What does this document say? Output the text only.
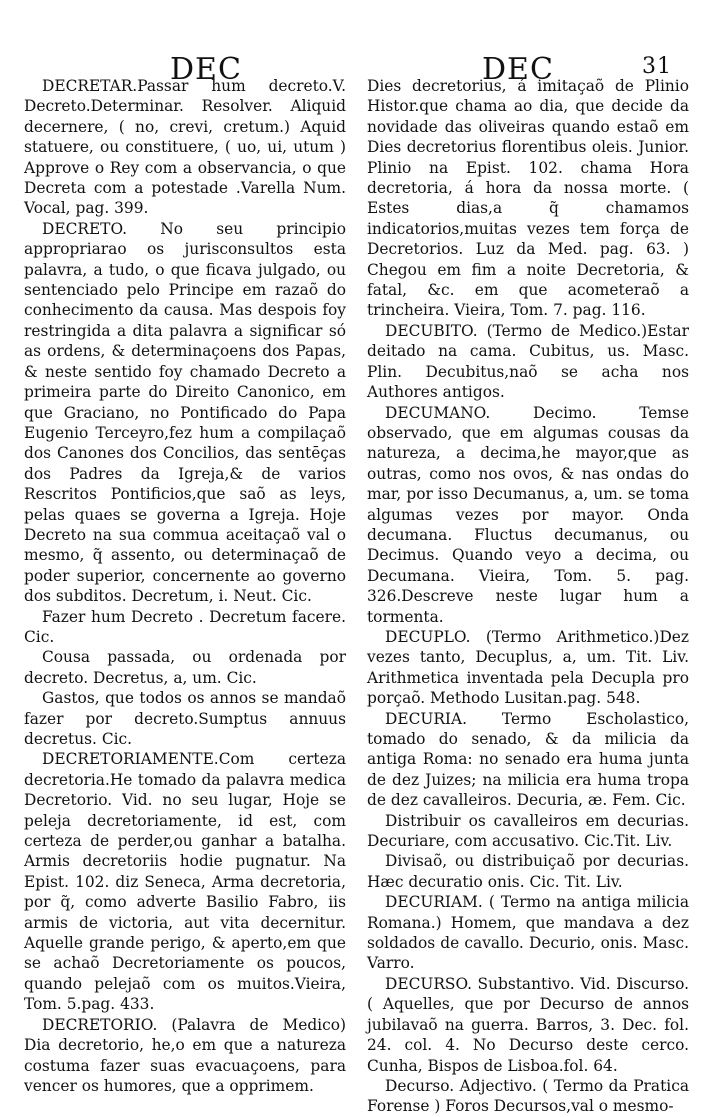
DEC	DEC	31

DECRETAR.Passar hum decreto.V. Decreto.Determinar. Resolver. Aliquid decernere, ( no, crevi, cretum.) Aquid statuere, ou constituere, ( uo, ui, utum ) Approve o Rey com a observancia, o que Decreta com a potestade .Varella Num. Vocal, pag. 399.

DECRETO. No seu principio appropriarao os jurisconsultos esta palavra, a tudo, o que ficava julgado, ou sentenciado pelo Principe em razaõ do conhecimento da causa. Mas despois foy restringida a dita palavra a significar só as ordens, & determinaçoens dos Papas, & neste sentido foy chamado Decreto a primeira parte do Direito Canonico, em que Graciano, no Pontificado do Papa Eugenio Terceyro,fez hum a compilaçaõ dos Canones dos Concilios, das sentēças dos Padres da Igreja,& de varios Rescritos Pontificios,que saõ as leys, pelas quaes se governa a Igreja. Hoje Decreto na sua commua aceitaçaõ val o mesmo, q̃ assento, ou determinaçaõ de poder superior, concernente ao governo dos subditos. Decretum, i. Neut. Cic.

Fazer hum Decreto . Decretum facere. Cic.

Cousa passada, ou ordenada por decreto. Decretus, a, um. Cic.

Gastos, que todos os annos se mandaõ fazer por decreto.Sumptus annuus decretus. Cic.

DECRETORIAMENTE.Com certeza decretoria.He tomado da palavra medica Decretorio. Vid. no seu lugar, Hoje se peleja decretoriamente, id est, com certeza de perder,ou ganhar a batalha. Armis decretoriis hodie pugnatur. Na Epist. 102. diz Seneca, Arma decretoria, por q̃, como adverte Basilio Fabro, iis armis de victoria, aut vita decernitur. Aquelle grande perigo, & aperto,em que se achaõ Decretoriamente os poucos, quando pelejaõ com os muitos.Vieira, Tom. 5.pag. 433.

DECRETORIO. (Palavra de Medico) Dia decretorio, he,o em que a natureza costuma fazer suas evacuaçoens, para vencer os humores, que a opprimem.

Dies decretorius, á imitaçaõ de Plinio Histor.que chama ao dia, que decide da novidade das oliveiras quando estaõ em Dies decretorius florentibus oleis. Junior. Plinio na Epist. 102. chama Hora decretoria, á hora da nossa morte. ( Estes dias,a q̃ chamamos indicatorios,muitas vezes tem força de Decretorios. Luz da Med. pag. 63. ) Chegou em fim a noite Decretoria, & fatal, &c. em que acometeraõ a trincheira. Vieira, Tom. 7. pag. 116.

DECUBITO. (Termo de Medico.)Estar deitado na cama. Cubitus, us. Masc. Plin. Decubitus,naõ se acha nos Authores antigos.

DECUMANO. Decimo. Temse observado, que em algumas cousas da natureza, a decima,he mayor,que as outras, como nos ovos, & nas ondas do mar, por isso Decumanus, a, um. se toma algumas vezes por mayor. Onda decumana. Fluctus decumanus, ou Decimus. Quando veyo a decima, ou Decumana. Vieira, Tom. 5. pag. 326.Descreve neste lugar hum a tormenta.

DECUPLO. (Termo Arithmetico.)Dez vezes tanto, Decuplus, a, um. Tit. Liv. Arithmetica inventada pela Decupla pro porçaõ. Methodo Lusitan.pag. 548.

DECURIA. Termo Escholastico, tomado do senado, & da milicia da antiga Roma: no senado era huma junta de dez Juizes; na milicia era huma tropa de dez cavalleiros. Decuria, æ. Fem. Cic.

Distribuir os cavalleiros em decurias. Decuriare, com accusativo. Cic.Tit. Liv.

Divisaõ, ou distribuiçaõ por decurias. Hæc decuratio onis. Cic. Tit. Liv.

DECURIAM. ( Termo na antiga milicia Romana.) Homem, que mandava a dez soldados de cavallo. Decurio, onis. Masc. Varro.

DECURSO. Substantivo. Vid. Discurso. ( Aquelles, que por Decurso de annos jubilavaõ na guerra. Barros, 3. Dec. fol. 24. col. 4. No Decurso deste cerco. Cunha, Bispos de Lisboa.fol. 64.

Decurso. Adjectivo. ( Termo da Pratica Forense ) Foros Decursos,val o mesmo-
